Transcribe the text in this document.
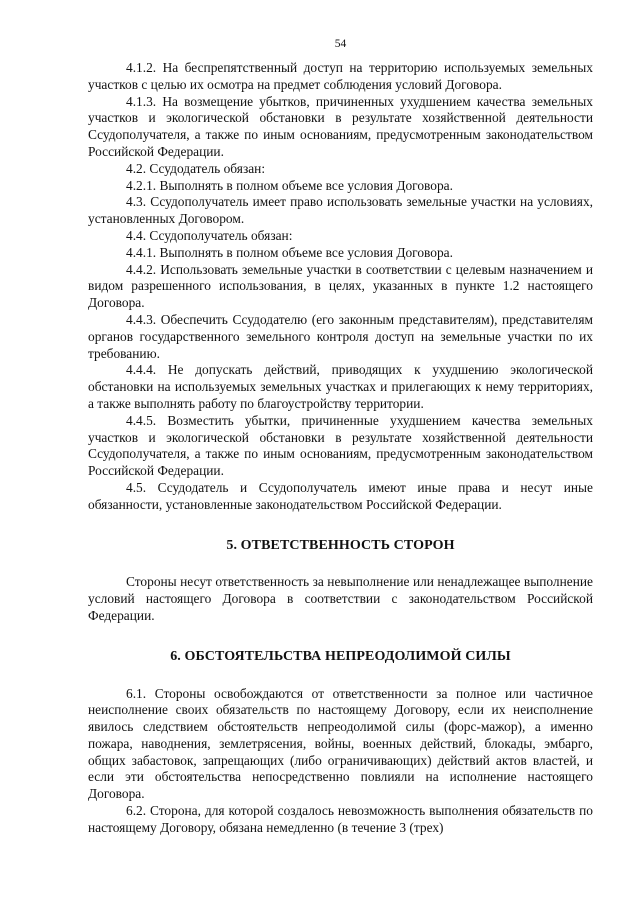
54

4.1.2. На беспрепятственный доступ на территорию используемых земельных участков с целью их осмотра на предмет соблюдения условий Договора.

4.1.3. На возмещение убытков, причиненных ухудшением качества земельных участков и экологической обстановки в результате хозяйственной деятельности Ссудополучателя, а также по иным основаниям, предусмотренным законодательством Российской Федерации.

4.2. Ссудодатель обязан:

4.2.1. Выполнять в полном объеме все условия Договора.

4.3. Ссудополучатель имеет право использовать земельные участки на условиях, установленных Договором.

4.4. Ссудополучатель обязан:

4.4.1. Выполнять в полном объеме все условия Договора.

4.4.2. Использовать земельные участки в соответствии с целевым назначением и видом разрешенного использования, в целях, указанных в пункте 1.2 настоящего Договора.

4.4.3. Обеспечить Ссудодателю (его законным представителям), представителям органов государственного земельного контроля доступ на земельные участки по их требованию.

4.4.4. Не допускать действий, приводящих к ухудшению экологической обстановки на используемых земельных участках и прилегающих к нему территориях, а также выполнять работу по благоустройству территории.

4.4.5. Возместить убытки, причиненные ухудшением качества земельных участков и экологической обстановки в результате хозяйственной деятельности Ссудополучателя, а также по иным основаниям, предусмотренным законодательством Российской Федерации.

4.5. Ссудодатель и Ссудополучатель имеют иные права и несут иные обязанности, установленные законодательством Российской Федерации.

5. ОТВЕТСТВЕННОСТЬ СТОРОН

Стороны несут ответственность за невыполнение или ненадлежащее выполнение условий настоящего Договора в соответствии с законодательством Российской Федерации.

6. ОБСТОЯТЕЛЬСТВА НЕПРЕОДОЛИМОЙ СИЛЫ

6.1. Стороны освобождаются от ответственности за полное или частичное неисполнение своих обязательств по настоящему Договору, если их неисполнение явилось следствием обстоятельств непреодолимой силы (форс-мажор), а именно пожара, наводнения, землетрясения, войны, военных действий, блокады, эмбарго, общих забастовок, запрещающих (либо ограничивающих) действий актов властей, и если эти обстоятельства непосредственно повлияли на исполнение настоящего Договора.

6.2. Сторона, для которой создалось невозможность выполнения обязательств по настоящему Договору, обязана немедленно (в течение 3 (трех)
